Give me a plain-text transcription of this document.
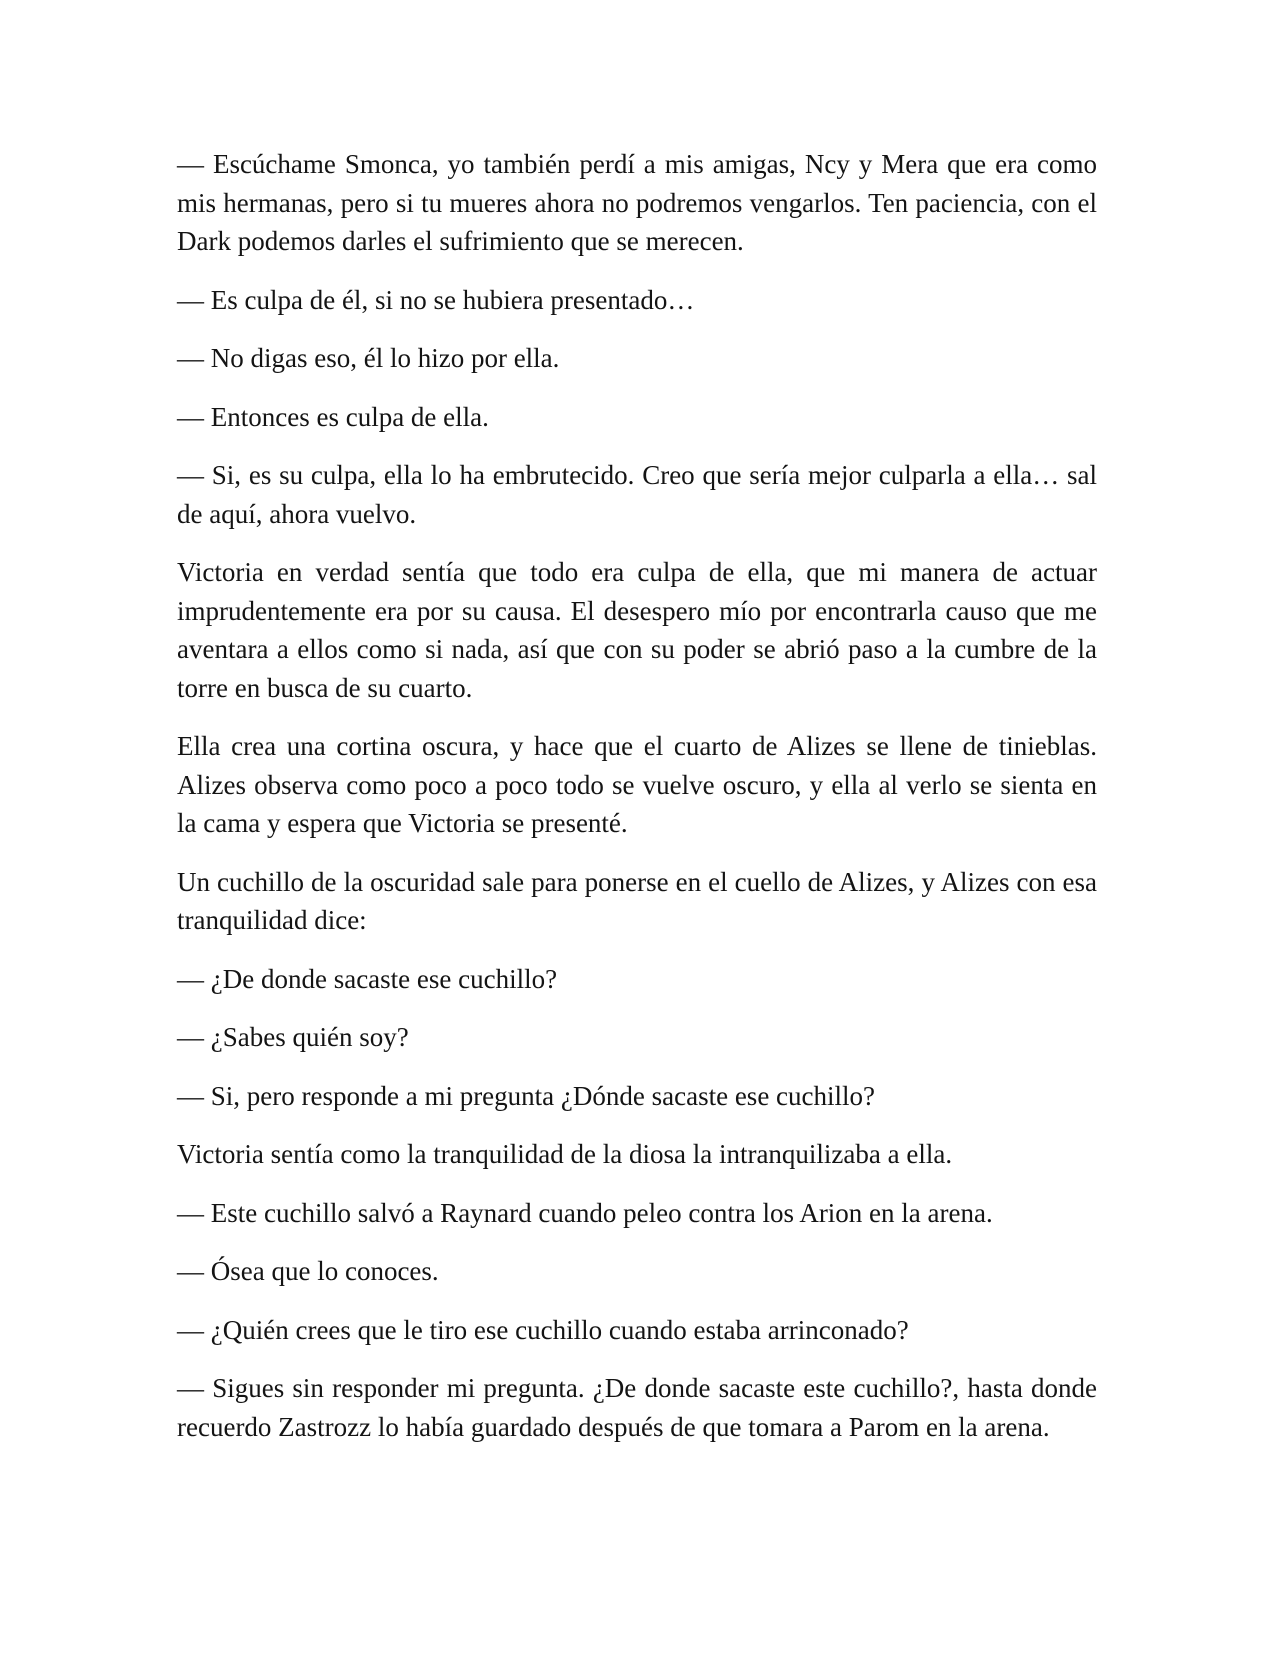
— Escúchame Smonca, yo también perdí a mis amigas, Ncy y Mera que era como mis hermanas, pero si tu mueres ahora no podremos vengarlos. Ten paciencia, con el Dark podemos darles el sufrimiento que se merecen.

— Es culpa de él, si no se hubiera presentado…

— No digas eso, él lo hizo por ella.

— Entonces es culpa de ella.

— Si, es su culpa, ella lo ha embrutecido. Creo que sería mejor culparla a ella… sal de aquí, ahora vuelvo.

Victoria en verdad sentía que todo era culpa de ella, que mi manera de actuar imprudentemente era por su causa. El desespero mío por encontrarla causo que me aventara a ellos como si nada, así que con su poder se abrió paso a la cumbre de la torre en busca de su cuarto.

Ella crea una cortina oscura, y hace que el cuarto de Alizes se llene de tinieblas. Alizes observa como poco a poco todo se vuelve oscuro, y ella al verlo se sienta en la cama y espera que Victoria se presenté.

Un cuchillo de la oscuridad sale para ponerse en el cuello de Alizes, y Alizes con esa tranquilidad dice:

— ¿De donde sacaste ese cuchillo?

— ¿Sabes quién soy?

— Si, pero responde a mi pregunta ¿Dónde sacaste ese cuchillo?

Victoria sentía como la tranquilidad de la diosa la intranquilizaba a ella.

— Este cuchillo salvó a Raynard cuando peleo contra los Arion en la arena.

— Ósea que lo conoces.

— ¿Quién crees que le tiro ese cuchillo cuando estaba arrinconado?

— Sigues sin responder mi pregunta. ¿De donde sacaste este cuchillo?, hasta donde recuerdo Zastrozz lo había guardado después de que tomara a Parom en la arena.
